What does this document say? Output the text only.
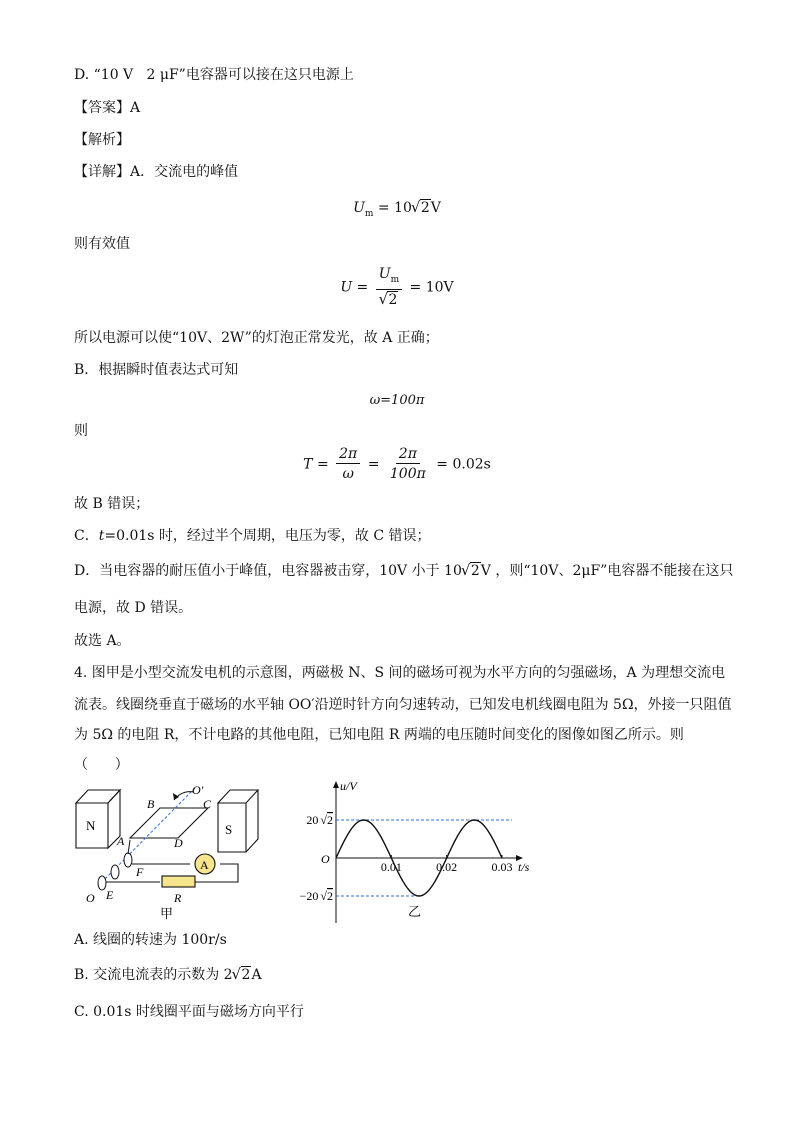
D. “10 V   2 μF”电容器可以接在这只电源上
【答案】A
【解析】
【详解】A．交流电的峰值
$U_m = 10$ √ 2V
则有效值
$U = U_m$
√ 2 = 10V
所以电源可以使“10V、2W”的灯泡正常发光，故 A 正确；
B．根据瞬时值表达式可知
ω=100π
则
$T = \frac{2\pi}{\omega} = \frac{2\pi}{100\pi} = 0.02s$
故 B 错误；
C．t=0.01s 时，经过半个周期，电压为零，故 C 错误；
D．当电容器的耐压值小于峰值，电容器被击穿，10V 小于 10 √ 2V ，则“10V、2μF”电容器不能接在这只
电源，故 D 错误。
故选 A。
4. 图甲是小型交流发电机的示意图，两磁极 N、S 间的磁场可视为水平方向的匀强磁场，A 为理想交流电
流表。线圈绕垂直于磁场的水平轴 OO′沿逆时针方向匀速转动，已知发电机线圈电阻为 5Ω，外接一只阻值
为 5Ω 的电阻 R，不计电路的其他电阻，已知电阻 R 两端的电压随时间变化的图像如图乙所示。则
（      ）
N	S
A
O′
A
B	C
D
E
F
O	R
甲
0.01	0.02	0.03
u/V
t/s
O
20 √2
−20 √2
乙
A. 线圈的转速为 100r/s
B. 交流电流表的示数为 2 √ 2A
C. 0.01s 时线圈平面与磁场方向平行
